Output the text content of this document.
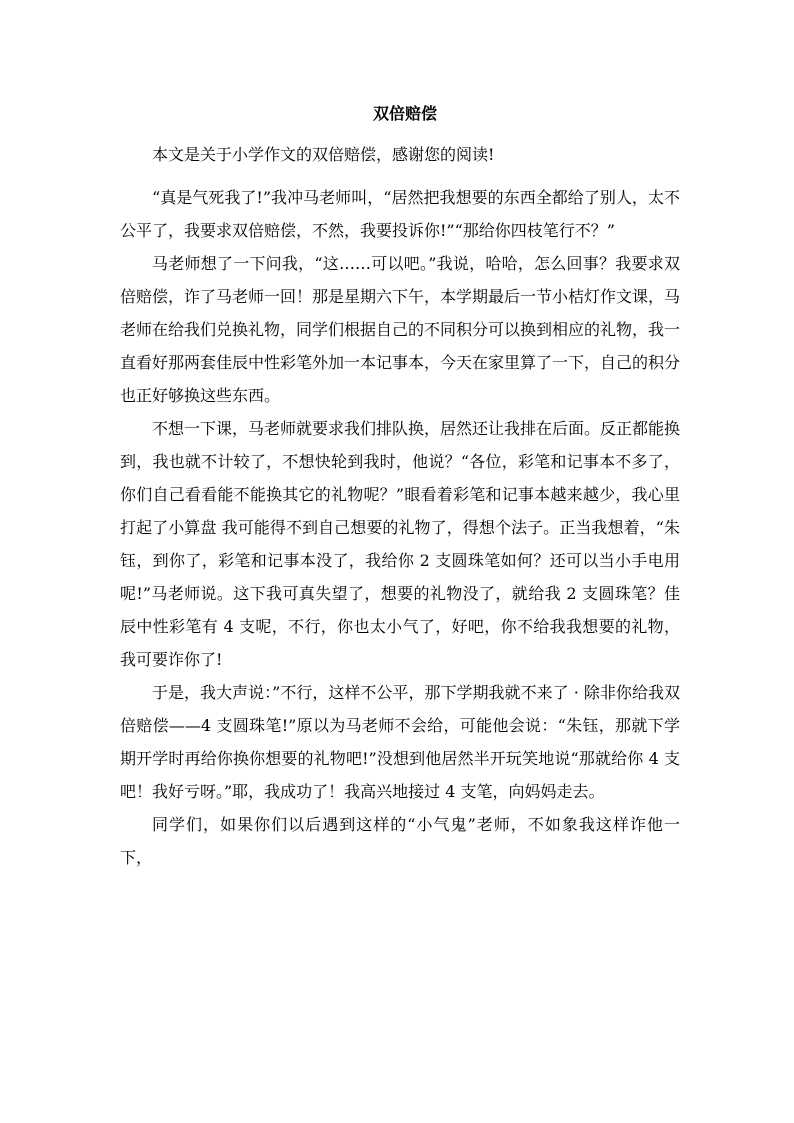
双倍赔偿

本文是关于小学作文的双倍赔偿，感谢您的阅读!

“真是气死我了!”我冲马老师叫，“居然把我想要的东西全都给了别人，太不公平了，我要求双倍赔偿，不然，我要投诉你!”“那给你四枝笔行不？”

马老师想了一下问我，“这……可以吧。”我说，哈哈，怎么回事？我要求双倍赔偿，诈了马老师一回！那是星期六下午，本学期最后一节小桔灯作文课，马老师在给我们兑换礼物，同学们根据自己的不同积分可以换到相应的礼物，我一直看好那两套佳辰中性彩笔外加一本记事本，今天在家里算了一下，自己的积分也正好够换这些东西。

不想一下课，马老师就要求我们排队换，居然还让我排在后面。反正都能换到，我也就不计较了，不想快轮到我时，他说？“各位，彩笔和记事本不多了，你们自己看看能不能换其它的礼物呢？”眼看着彩笔和记事本越来越少，我心里打起了小算盘 我可能得不到自己想要的礼物了，得想个法子。正当我想着，“朱钰，到你了，彩笔和记事本没了，我给你 2 支圆珠笔如何？还可以当小手电用呢!”马老师说。这下我可真失望了，想要的礼物没了，就给我 2 支圆珠笔？佳辰中性彩笔有 4 支呢，不行，你也太小气了，好吧，你不给我我想要的礼物，我可要诈你了!

于是，我大声说：”不行，这样不公平，那下学期我就不来了 · 除非你给我双倍赔偿——4 支圆珠笔!”原以为马老师不会给，可能他会说：“朱钰，那就下学期开学时再给你换你想要的礼物吧!”没想到他居然半开玩笑地说“那就给你 4 支吧！我好亏呀。”耶，我成功了！我高兴地接过 4 支笔，向妈妈走去。

同学们，如果你们以后遇到这样的“小气鬼”老师，不如象我这样诈他一下，
